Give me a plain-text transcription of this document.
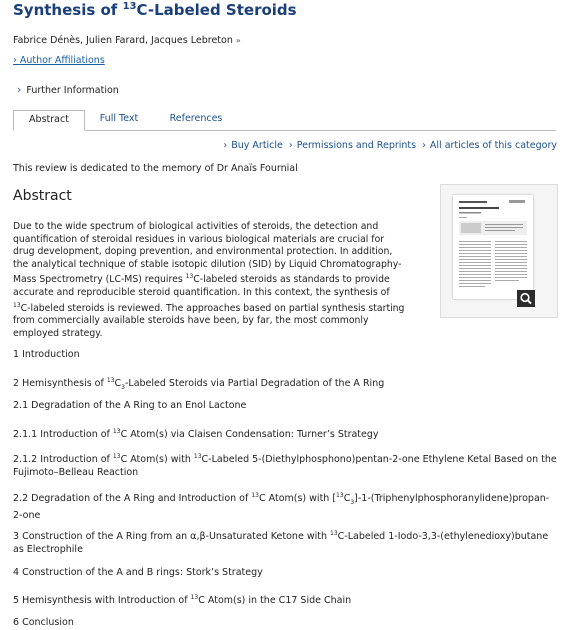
Synthesis of $^{13}$C-Labeled Steroids
Fabrice Dénès, Julien Farard, Jacques Lebreton »
› Author Affiliations
› Further Information
Abstract	Full Text	References
› Buy Article › Permissions and Reprints › All articles of this category
This review is dedicated to the memory of Dr Anaïs Fournial
Abstract
Due to the wide spectrum of biological activities of steroids, the detection and quantification of steroidal residues in various biological materials are crucial for drug development, doping prevention, and environmental protection. In addition, the analytical technique of stable isotopic dilution (SID) by Liquid Chromatography-Mass Spectrometry (LC-MS) requires $^{13}$C-labeled steroids as standards to provide accurate and reproducible steroid quantification. In this context, the synthesis of $^{13}$C-labeled steroids is reviewed. The approaches based on partial synthesis starting from commercially available steroids have been, by far, the most commonly employed strategy.
1 Introduction
2 Hemisynthesis of $^{13}C_3$-Labeled Steroids via Partial Degradation of the A Ring
2.1 Degradation of the A Ring to an Enol Lactone
2.1.1 Introduction of $^{13}$C Atom(s) via Claisen Condensation: Turner’s Strategy
2.1.2 Introduction of $^{13}$C Atom(s) with $^{13}$C-Labeled 5-(Diethylphosphono)pentan-2-one Ethylene Ketal Based on the Fujimoto–Belleau Reaction
2.2 Degradation of the A Ring and Introduction of $^{13}$C Atom(s) with $[^{13}C_3]-1-(Triphenylphosphoranylidene)propan-2$-one
3 Construction of the A Ring from an α,β-Unsaturated Ketone with $^{13}$C-Labeled 1-Iodo-3,3-(ethylenedioxy)butane as Electrophile
4 Construction of the A and B rings: Stork’s Strategy
5 Hemisynthesis with Introduction of $^{13}$C Atom(s) in the C17 Side Chain
6 Conclusion
